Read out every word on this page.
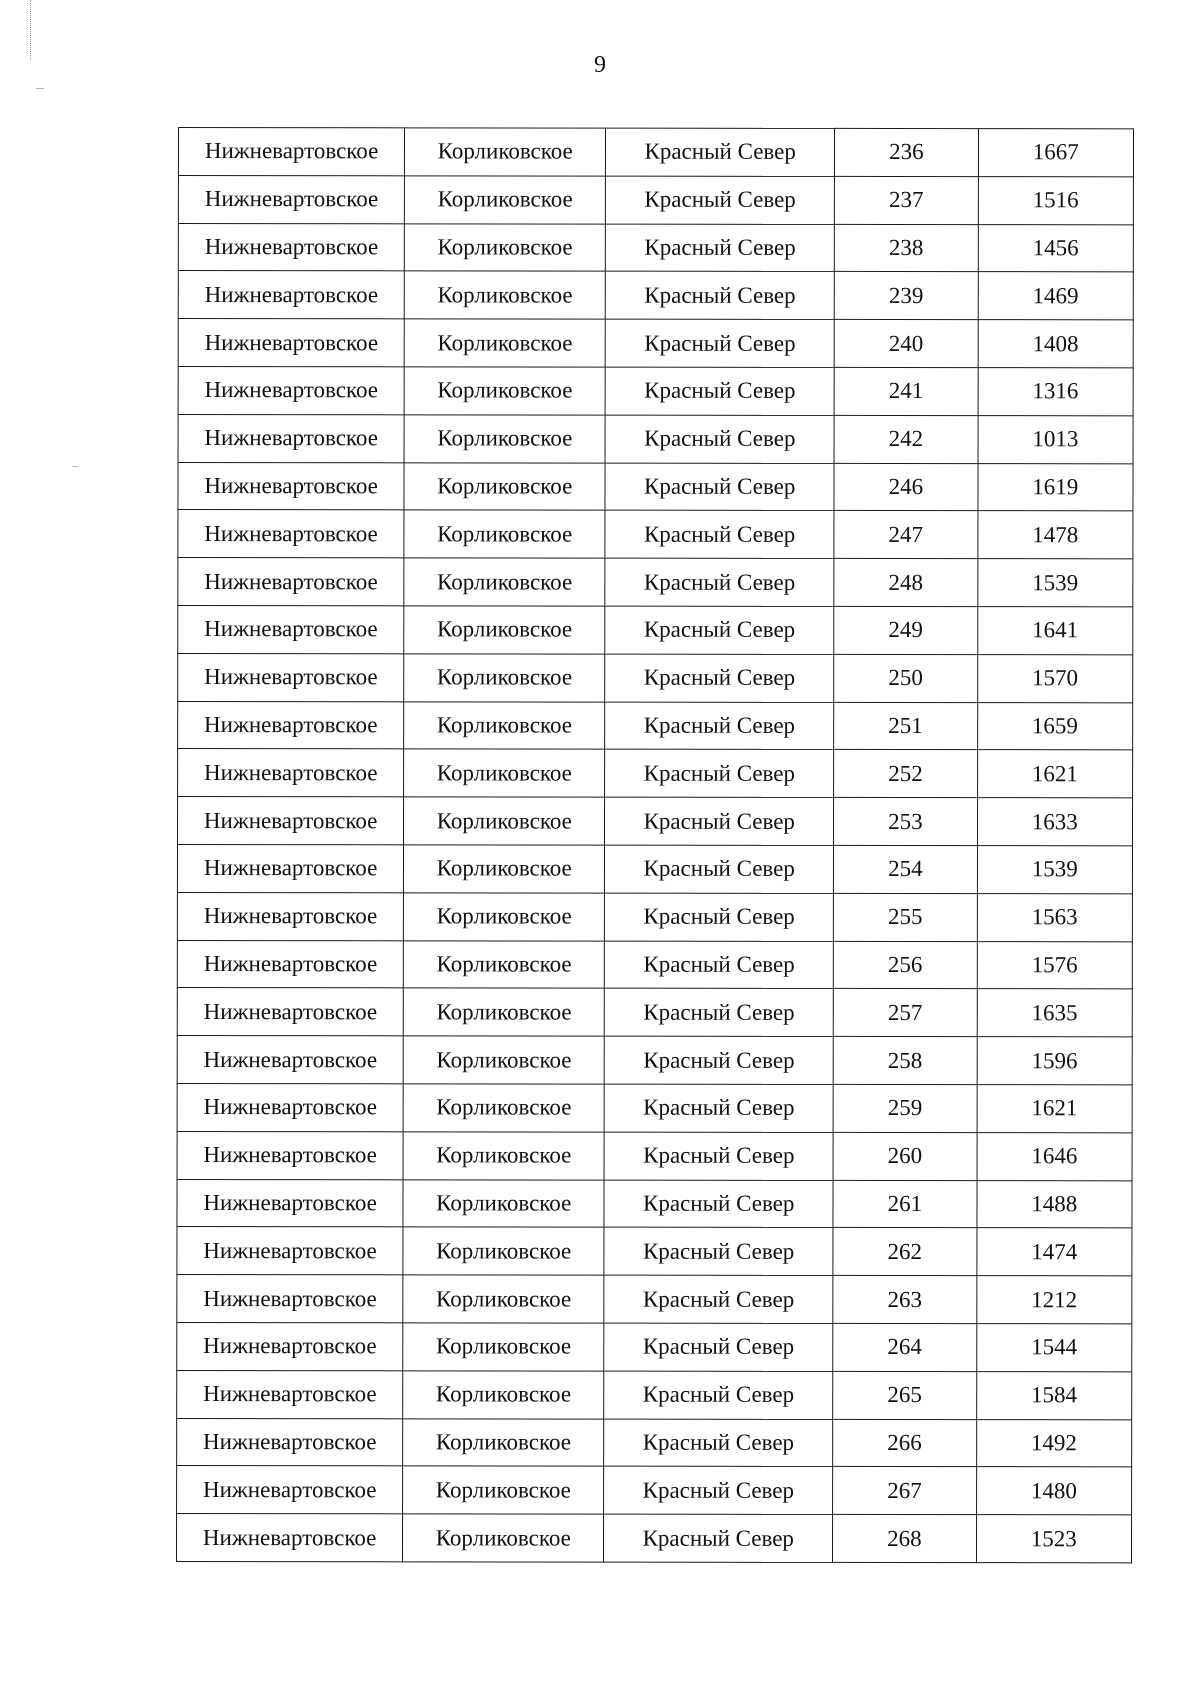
9
Нижневартовское	Корликовское	Красный Север	236	1667
Нижневартовское	Корликовское	Красный Север	237	1516
Нижневартовское	Корликовское	Красный Север	238	1456
Нижневартовское	Корликовское	Красный Север	239	1469
Нижневартовское	Корликовское	Красный Север	240	1408
Нижневартовское	Корликовское	Красный Север	241	1316
Нижневартовское	Корликовское	Красный Север	242	1013
Нижневартовское	Корликовское	Красный Север	246	1619
Нижневартовское	Корликовское	Красный Север	247	1478
Нижневартовское	Корликовское	Красный Север	248	1539
Нижневартовское	Корликовское	Красный Север	249	1641
Нижневартовское	Корликовское	Красный Север	250	1570
Нижневартовское	Корликовское	Красный Север	251	1659
Нижневартовское	Корликовское	Красный Север	252	1621
Нижневартовское	Корликовское	Красный Север	253	1633
Нижневартовское	Корликовское	Красный Север	254	1539
Нижневартовское	Корликовское	Красный Север	255	1563
Нижневартовское	Корликовское	Красный Север	256	1576
Нижневартовское	Корликовское	Красный Север	257	1635
Нижневартовское	Корликовское	Красный Север	258	1596
Нижневартовское	Корликовское	Красный Север	259	1621
Нижневартовское	Корликовское	Красный Север	260	1646
Нижневартовское	Корликовское	Красный Север	261	1488
Нижневартовское	Корликовское	Красный Север	262	1474
Нижневартовское	Корликовское	Красный Север	263	1212
Нижневартовское	Корликовское	Красный Север	264	1544
Нижневартовское	Корликовское	Красный Север	265	1584
Нижневартовское	Корликовское	Красный Север	266	1492
Нижневартовское	Корликовское	Красный Север	267	1480
Нижневартовское	Корликовское	Красный Север	268	1523
